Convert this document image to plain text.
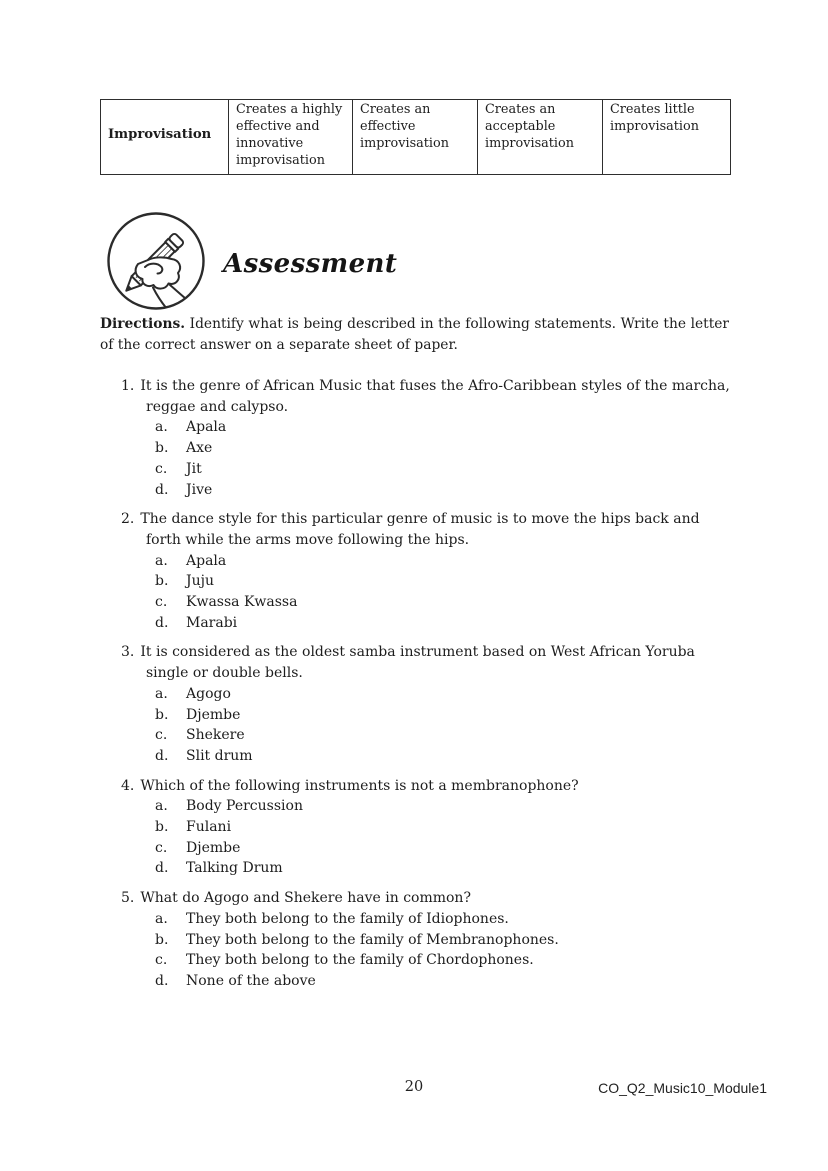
Improvisation	Creates a highly effective and innovative improvisation	Creates an effective improvisation	Creates an acceptable improvisation	Creates little improvisation
Assessment
Directions. Identify what is being described in the following statements. Write the letter of the correct answer on a separate sheet of paper.
1. It is the genre of African Music that fuses the Afro-Caribbean styles of the marcha, reggae and calypso.
a. Apala
b. Axe
c. Jit
d. Jive
2. The dance style for this particular genre of music is to move the hips back and forth while the arms move following the hips.
a. Apala
b. Juju
c. Kwassa Kwassa
d. Marabi
3. It is considered as the oldest samba instrument based on West African Yoruba single or double bells.
a. Agogo
b. Djembe
c. Shekere
d. Slit drum
4. Which of the following instruments is not a membranophone?
a. Body Percussion
b. Fulani
c. Djembe
d. Talking Drum
5. What do Agogo and Shekere have in common?
a. They both belong to the family of Idiophones.
b. They both belong to the family of Membranophones.
c. They both belong to the family of Chordophones.
d. None of the above
20	CO_Q2_Music10_Module1
